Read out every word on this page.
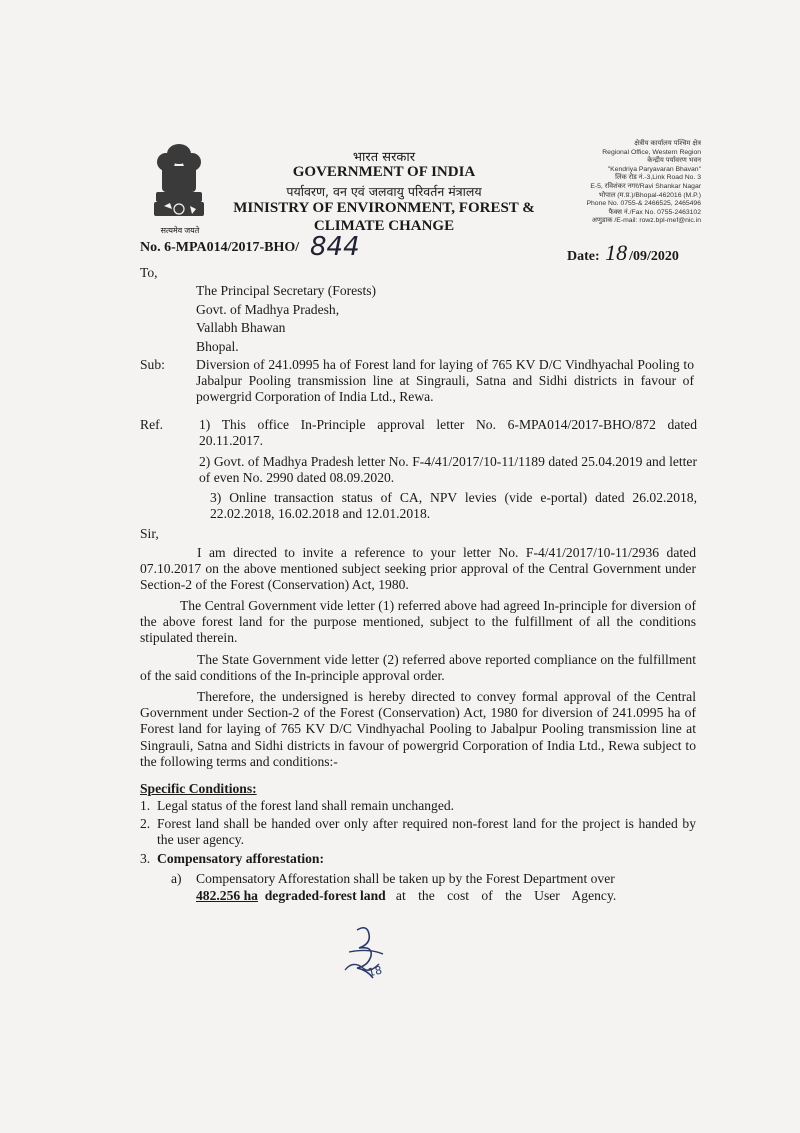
सत्यमेव जयते
भारत सरकार
GOVERNMENT OF INDIA
पर्यावरण, वन एवं जलवायु परिवर्तन मंत्रालय
MINISTRY OF ENVIRONMENT, FOREST &
CLIMATE CHANGE
क्षेत्रीय कार्यालय पश्चिम क्षेत्र
Regional Office, Western Region
केन्द्रीय पर्यावरण भवन
"Kendriya Paryavaran Bhavan"
लिंक रोड नं.-3,Link Road No. 3
E-5, रविशंकर नगर/Ravi Shankar Nagar
भोपाल (म.प्र.)/Bhopal-462016 (M.P.)
Phone No. 0755-& 2466525, 2465496
फैक्स नं./Fax No. 0755-2463102
अणुडाक /E-mail: rowz.bpl-mef@nic.in
No. 6-MPA014/2017-BHO/ 844	Date: 18 /09/2020
To,
The Principal Secretary (Forests)
Govt. of Madhya Pradesh,
Vallabh Bhawan
Bhopal.
Sub: Diversion of 241.0995 ha of Forest land for laying of 765 KV D/C Vindhyachal Pooling to Jabalpur Pooling transmission line at Singrauli, Satna and Sidhi districts in favour of powergrid Corporation of India Ltd., Rewa.
Ref.	1) This office In-Principle approval letter No. 6-MPA014/2017-BHO/872 dated 20.11.2017.
2) Govt. of Madhya Pradesh letter No. F-4/41/2017/10-11/1189 dated 25.04.2019 and letter of even No. 2990 dated 08.09.2020.
3) Online transaction status of CA, NPV levies (vide e-portal) dated 26.02.2018, 22.02.2018, 16.02.2018 and 12.01.2018.
Sir,
I am directed to invite a reference to your letter No. F-4/41/2017/10-11/2936 dated 07.10.2017 on the above mentioned subject seeking prior approval of the Central Government under Section-2 of the Forest (Conservation) Act, 1980.
The Central Government vide letter (1) referred above had agreed In-principle for diversion of the above forest land for the purpose mentioned, subject to the fulfillment of all the conditions stipulated therein.
The State Government vide letter (2) referred above reported compliance on the fulfillment of the said conditions of the In-principle approval order.
Therefore, the undersigned is hereby directed to convey formal approval of the Central Government under Section-2 of the Forest (Conservation) Act, 1980 for diversion of 241.0995 ha of Forest land for laying of 765 KV D/C Vindhyachal Pooling to Jabalpur Pooling transmission line at Singrauli, Satna and Sidhi districts in favour of powergrid Corporation of India Ltd., Rewa subject to the following terms and conditions:-
Specific Conditions:
1. Legal status of the forest land shall remain unchanged.
2. Forest land shall be handed over only after required non-forest land for the project is handed by the user agency.
3. Compensatory afforestation:
a) Compensatory Afforestation shall be taken up by the Forest Department over
482.256 ha degraded-forest land at the cost of the User Agency.
18
